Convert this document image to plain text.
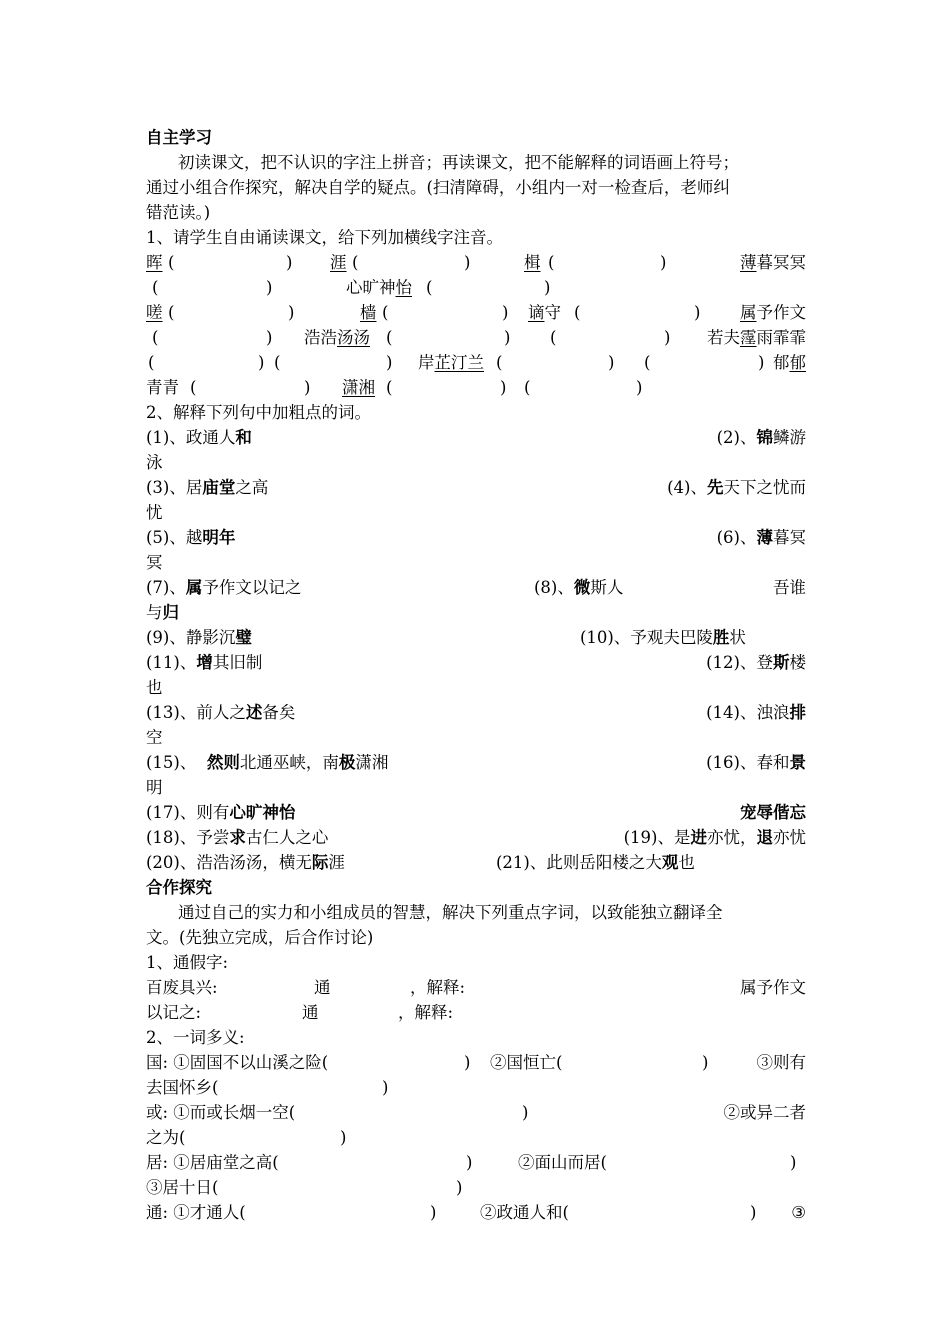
自主学习
初读课文，把不认识的字注上拼音；再读课文，把不能解释的词语画上符号；
通过小组合作探究，解决自学的疑点。(扫清障碍，小组内一对一检查后，老师纠
错范读。)
1、请学生自由诵读课文，给下列加横线字注音。
晖 (	)	涯 (	)	楫 (	)	薄暮冥冥
(	)	心旷神怡 (	)
嗟 (	)	樯 (	) 谪守 (	) 属予作文
(	) 浩浩汤汤 (	) (	) 若夫霪雨霏霏
(	) (	) 岸芷汀兰 (	) (	) 郁郁
青青 (	) 潇湘 (	) (	)
2、解释下列句中加粗点的词。
(1)、政通人和	(2)、锦鳞游
泳
(3)、居庙堂之高	(4)、先天下之忧而
忧
(5)、越明年	(6)、薄暮冥
冥
(7)、属予作文以记之	(8)、微斯人	吾谁
与归
(9)、静影沉璧	(10)、予观夫巴陵胜状
(11)、增其旧制	(12)、登斯楼
也
(13)、前人之述备矣	(14)、浊浪排
空
(15)、 然则北通巫峡，南极潇湘	(16)、春和景
明
(17)、则有心旷神怡	宠辱偕忘
(18)、予尝求古仁人之心	(19)、是进亦忧，退亦忧
(20)、浩浩汤汤，横无际涯	(21)、此则岳阳楼之大观也
合作探究
通过自己的实力和小组成员的智慧，解决下列重点字词，以致能独立翻译全
文。(先独立完成，后合作讨论)
1、通假字:
百废具兴:	通	，解释:	属予作文
以记之:	通	，解释:
2、一词多义:
国: ①固国不以山溪之险(	) ②国恒亡(	)	③则有
去国怀乡(	)
或: ①而或长烟一空(	)	②或异二者
之为(	)
居: ①居庙堂之高(	)	②面山而居(	)
③居十日(	)
通: ①才通人(	)	②政通人和(	) ③
